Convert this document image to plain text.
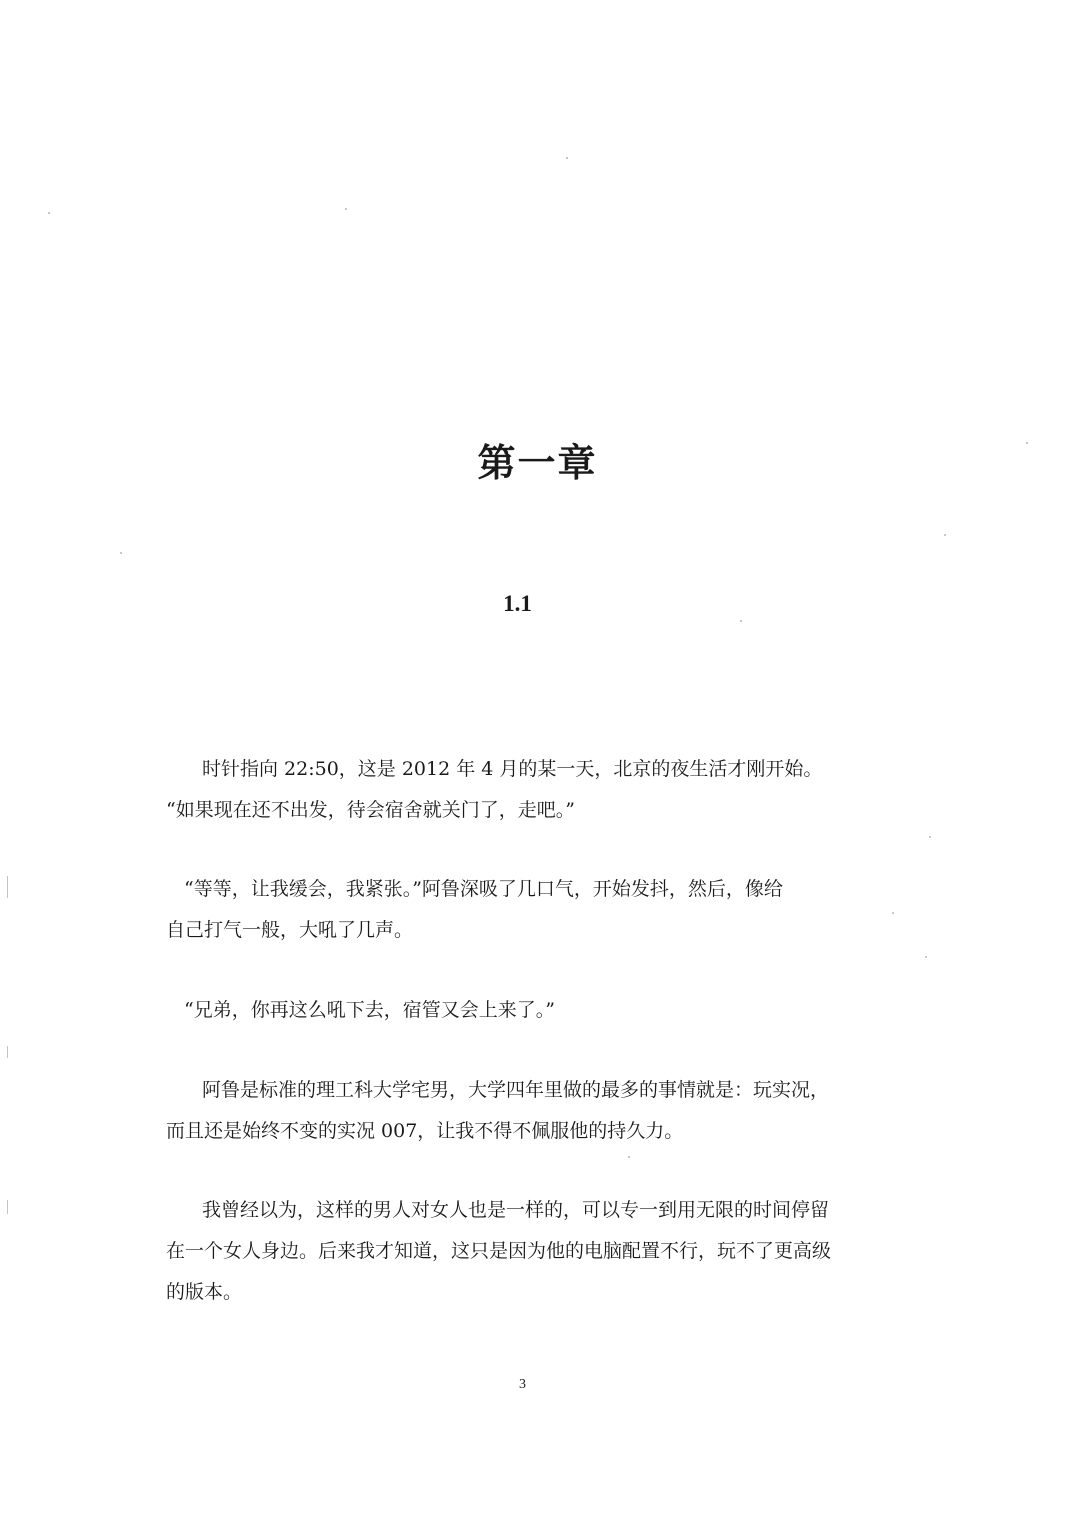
第一章
1.1

时针指向 22:50，这是 2012 年 4 月的某一天，北京的夜生活才刚开始。
“如果现在还不出发，待会宿舍就关门了，走吧。”

“等等，让我缓会，我紧张。”阿鲁深吸了几口气，开始发抖，然后，像给
自己打气一般，大吼了几声。

“兄弟，你再这么吼下去，宿管又会上来了。”

阿鲁是标准的理工科大学宅男，大学四年里做的最多的事情就是：玩实况，
而且还是始终不变的实况 007，让我不得不佩服他的持久力。

我曾经以为，这样的男人对女人也是一样的，可以专一到用无限的时间停留
在一个女人身边。后来我才知道，这只是因为他的电脑配置不行，玩不了更高级
的版本。

3
